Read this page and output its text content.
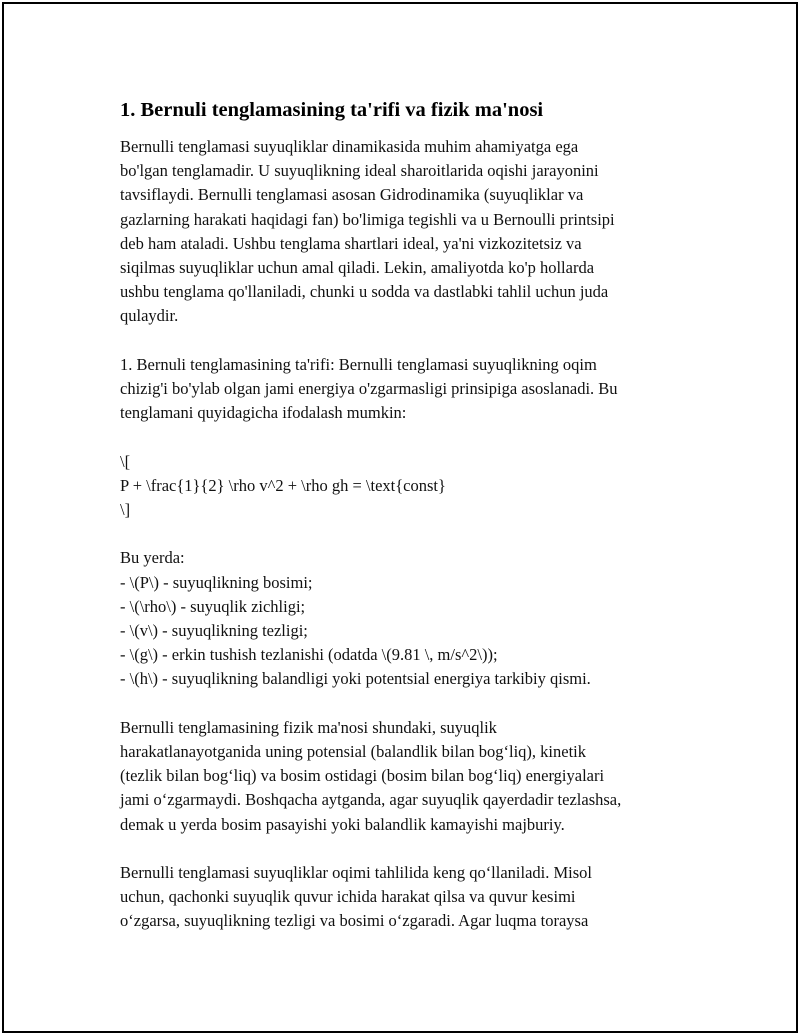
1. Bernuli tenglamasining ta'rifi va fizik ma'nosi

Bernulli tenglamasi suyuqliklar dinamikasida muhim ahamiyatga ega
bo'lgan tenglamadir. U suyuqlikning ideal sharoitlarida oqishi jarayonini
tavsiflaydi. Bernulli tenglamasi asosan Gidrodinamika (suyuqliklar va
gazlarning harakati haqidagi fan) bo'limiga tegishli va u Bernoulli printsipi
deb ham ataladi. Ushbu tenglama shartlari ideal, ya'ni vizkozitetsiz va
siqilmas suyuqliklar uchun amal qiladi. Lekin, amaliyotda ko'p hollarda
ushbu tenglama qo'llaniladi, chunki u sodda va dastlabki tahlil uchun juda
qulaydir.

1. Bernuli tenglamasining ta'rifi: Bernulli tenglamasi suyuqlikning oqim
chizig'i bo'ylab olgan jami energiya o'zgarmasligi prinsipiga asoslanadi. Bu
tenglamani quyidagicha ifodalash mumkin:

\[
P + \frac{1}{2} \rho v^2 + \rho gh = \text{const}
\]
Bu yerda:
- \(P\) - suyuqlikning bosimi;
- \(\rho\) - suyuqlik zichligi;
- \(v\) - suyuqlikning tezligi;
- \(g\) - erkin tushish tezlanishi (odatda \(9.81 \, m/s^2\));
- \(h\) - suyuqlikning balandligi yoki potentsial energiya tarkibiy qismi.

Bernulli tenglamasining fizik ma'nosi shundaki, suyuqlik
harakatlanayotganida uning potensial (balandlik bilan bog‘liq), kinetik
(tezlik bilan bog‘liq) va bosim ostidagi (bosim bilan bog‘liq) energiyalari
jami o‘zgarmaydi. Boshqacha aytganda, agar suyuqlik qayerdadir tezlashsa,
demak u yerda bosim pasayishi yoki balandlik kamayishi majburiy.

Bernulli tenglamasi suyuqliklar oqimi tahlilida keng qo‘llaniladi. Misol
uchun, qachonki suyuqlik quvur ichida harakat qilsa va quvur kesimi
o‘zgarsa, suyuqlikning tezligi va bosimi o‘zgaradi. Agar luqma toraysa
